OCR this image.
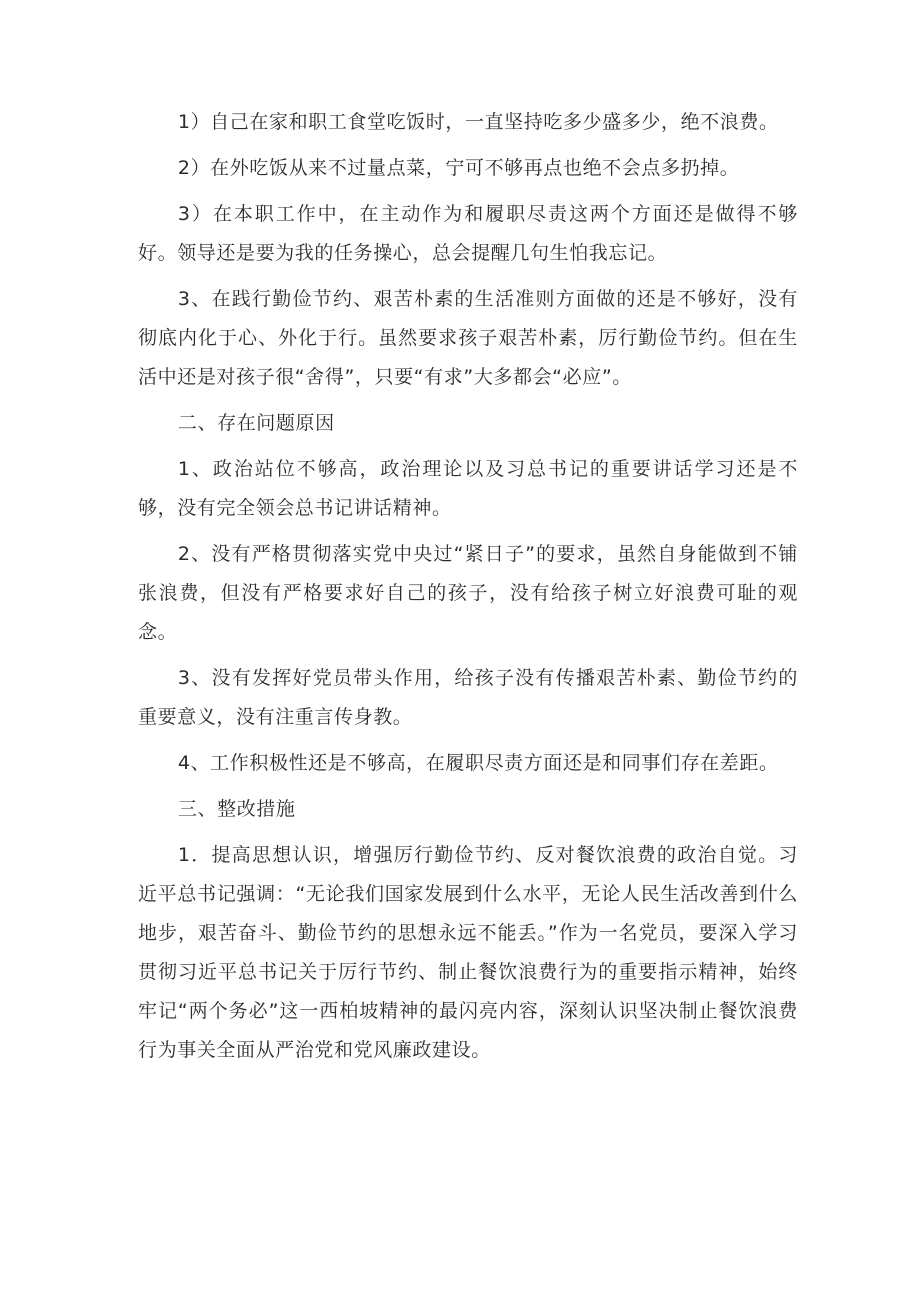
1）自己在家和职工食堂吃饭时，一直坚持吃多少盛多少，绝不浪费。

2）在外吃饭从来不过量点菜，宁可不够再点也绝不会点多扔掉。

3）在本职工作中，在主动作为和履职尽责这两个方面还是做得不够好。领导还是要为我的任务操心，总会提醒几句生怕我忘记。

3、在践行勤俭节约、艰苦朴素的生活准则方面做的还是不够好，没有彻底内化于心、外化于行。虽然要求孩子艰苦朴素，厉行勤俭节约。但在生活中还是对孩子很“舍得”，只要“有求”大多都会“必应”。

二、存在问题原因

1、政治站位不够高，政治理论以及习总书记的重要讲话学习还是不够，没有完全领会总书记讲话精神。

2、没有严格贯彻落实党中央过“紧日子”的要求，虽然自身能做到不铺张浪费，但没有严格要求好自己的孩子，没有给孩子树立好浪费可耻的观念。

3、没有发挥好党员带头作用，给孩子没有传播艰苦朴素、勤俭节约的重要意义，没有注重言传身教。

4、工作积极性还是不够高，在履职尽责方面还是和同事们存在差距。

三、整改措施

1．提高思想认识，增强厉行勤俭节约、反对餐饮浪费的政治自觉。习近平总书记强调：“无论我们国家发展到什么水平，无论人民生活改善到什么地步，艰苦奋斗、勤俭节约的思想永远不能丢。”作为一名党员，要深入学习贯彻习近平总书记关于厉行节约、制止餐饮浪费行为的重要指示精神，始终牢记“两个务必”这一西柏坡精神的最闪亮内容，深刻认识坚决制止餐饮浪费行为事关全面从严治党和党风廉政建设。
